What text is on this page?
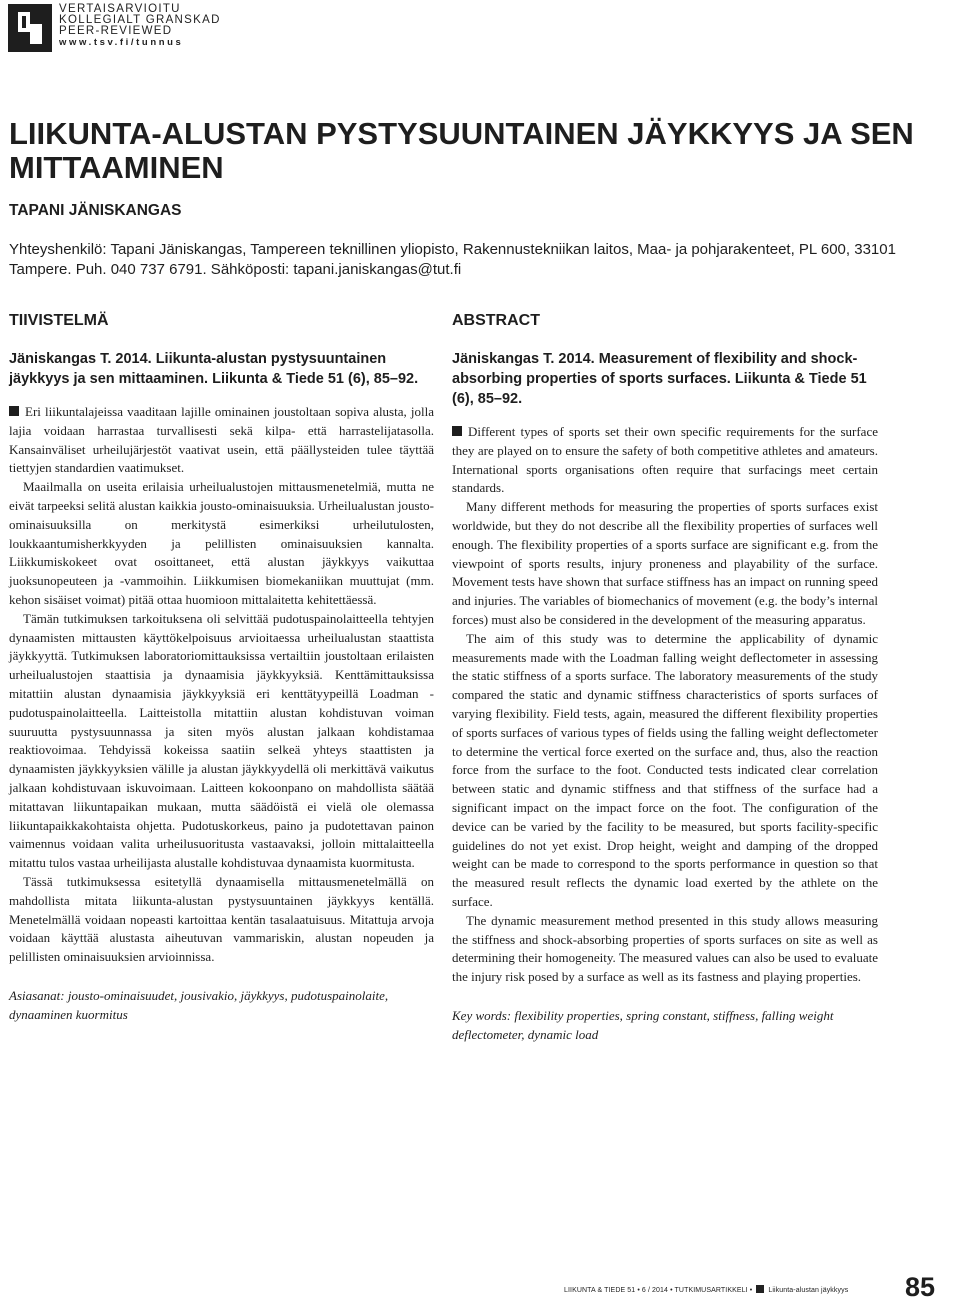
VERTAISARVIOITU
KOLLEGIALT GRANSKAD
PEER-REVIEWED
www.tsv.fi/tunnus
LIIKUNTA-ALUSTAN PYSTYSUUNTAINEN JÄYKKYYS JA SEN MITTAAMINEN
TAPANI JÄNISKANGAS
Yhteyshenkilö: Tapani Jäniskangas, Tampereen teknillinen yliopisto, Rakennustekniikan laitos, Maa- ja pohjarakenteet, PL 600, 33101 Tampere. Puh. 040 737 6791. Sähköposti: tapani.janiskangas@tut.fi
TIIVISTELMÄ
Jäniskangas T. 2014. Liikunta-alustan pystysuuntainen jäykkyys ja sen mittaaminen. Liikunta & Tiede 51 (6), 85–92.

Eri liikuntalajeissa vaaditaan lajille ominainen joustoltaan sopiva alusta, jolla lajia voidaan harrastaa turvallisesti sekä kilpa- että harrastelijatasolla. Kansainväliset urheilujärjestöt vaativat usein, että päällysteiden tulee täyttää tiettyjen standardien vaatimukset.

Maailmalla on useita erilaisia urheilualustojen mittausmenetelmiä, mutta ne eivät tarpeeksi selitä alustan kaikkia jousto-ominaisuuksia. Urheilualustan jousto-ominaisuuksilla on merkitystä esimerkiksi urheilutulosten, loukkaantumisherkkyyden ja pelillisten ominaisuuksien kannalta. Liikkumiskokeet ovat osoittaneet, että alustan jäykkyys vaikuttaa juoksunopeuteen ja -vammoihin. Liikkumisen biomekaniikan muuttujat (mm. kehon sisäiset voimat) pitää ottaa huomioon mittalaitetta kehitettäessä.

Tämän tutkimuksen tarkoituksena oli selvittää pudotuspainolaitteella tehtyjen dynaamisten mittausten käyttökelpoisuus arvioitaessa urheilualustan staattista jäykkyyttä. Tutkimuksen laboratoriomittauksissa vertailtiin joustoltaan erilaisten urheilualustojen staattisia ja dynaamisia jäykkyyksiä. Kenttämittauksissa mitattiin alustan dynaamisia jäykkyyksiä eri kenttätyypeillä Loadman -pudotuspainolaitteella. Laitteistolla mitattiin alustan kohdistuvan voiman suuruutta pystysuunnassa ja siten myös alustan jalkaan kohdistamaa reaktiovoimaa. Tehdyissä kokeissa saatiin selkeä yhteys staattisten ja dynaamisten jäykkyyksien välille ja alustan jäykkyydellä oli merkittävä vaikutus jalkaan kohdistuvaan iskuvoimaan. Laitteen kokoonpano on mahdollista säätää mitattavan liikuntapaikan mukaan, mutta säädöistä ei vielä ole olemassa liikuntapaikkakohtaista ohjetta. Pudotuskorkeus, paino ja pudotettavan painon vaimennus voidaan valita urheilusuoritusta vastaavaksi, jolloin mittalaitteella mitattu tulos vastaa urheilijasta alustalle kohdistuvaa dynaamista kuormitusta.

Tässä tutkimuksessa esitetyllä dynaamisella mittausmenetelmällä on mahdollista mitata liikunta-alustan pystysuuntainen jäykkyys kentällä. Menetelmällä voidaan nopeasti kartoittaa kentän tasalaatuisuus. Mitattuja arvoja voidaan käyttää alustasta aiheutuvan vammariskin, alustan nopeuden ja pelillisten ominaisuuksien arvioinnissa.

Asiasanat: jousto-ominaisuudet, jousivakio, jäykkyys, pudotuspainolaite, dynaaminen kuormitus
ABSTRACT
Jäniskangas T. 2014. Measurement of flexibility and shock-absorbing properties of sports surfaces. Liikunta & Tiede 51 (6), 85–92.

Different types of sports set their own specific requirements for the surface they are played on to ensure the safety of both competitive athletes and amateurs. International sports organisations often require that surfacings meet certain standards.

Many different methods for measuring the properties of sports surfaces exist worldwide, but they do not describe all the flexibility properties of surfaces well enough. The flexibility properties of a sports surface are significant e.g. from the viewpoint of sports results, injury proneness and playability of the surface. Movement tests have shown that surface stiffness has an impact on running speed and injuries. The variables of biomechanics of movement (e.g. the body’s internal forces) must also be considered in the development of the measuring apparatus.

The aim of this study was to determine the applicability of dynamic measurements made with the Loadman falling weight deflectometer in assessing the static stiffness of a sports surface. The laboratory measurements of the study compared the static and dynamic stiffness characteristics of sports surfaces of varying flexibility. Field tests, again, measured the different flexibility properties of sports surfaces of various types of fields using the falling weight deflectometer to determine the vertical force exerted on the surface and, thus, also the reaction force from the surface to the foot. Conducted tests indicated clear correlation between static and dynamic stiffness and that stiffness of the surface had a significant impact on the impact force on the foot. The configuration of the device can be varied by the facility to be measured, but sports facility-specific guidelines do not yet exist. Drop height, weight and damping of the dropped weight can be made to correspond to the sports performance in question so that the measured result reflects the dynamic load exerted by the athlete on the surface.

The dynamic measurement method presented in this study allows measuring the stiffness and shock-absorbing properties of sports surfaces on site as well as determining their homogeneity. The measured values can also be used to evaluate the injury risk posed by a surface as well as its fastness and playing properties.

Key words: flexibility properties, spring constant, stiffness, falling weight deflectometer, dynamic load
LIIKUNTA & TIEDE 51 • 6 / 2014 • TUTKIMUSARTIKKELI • Liikunta-alustan jäykkyys	85
